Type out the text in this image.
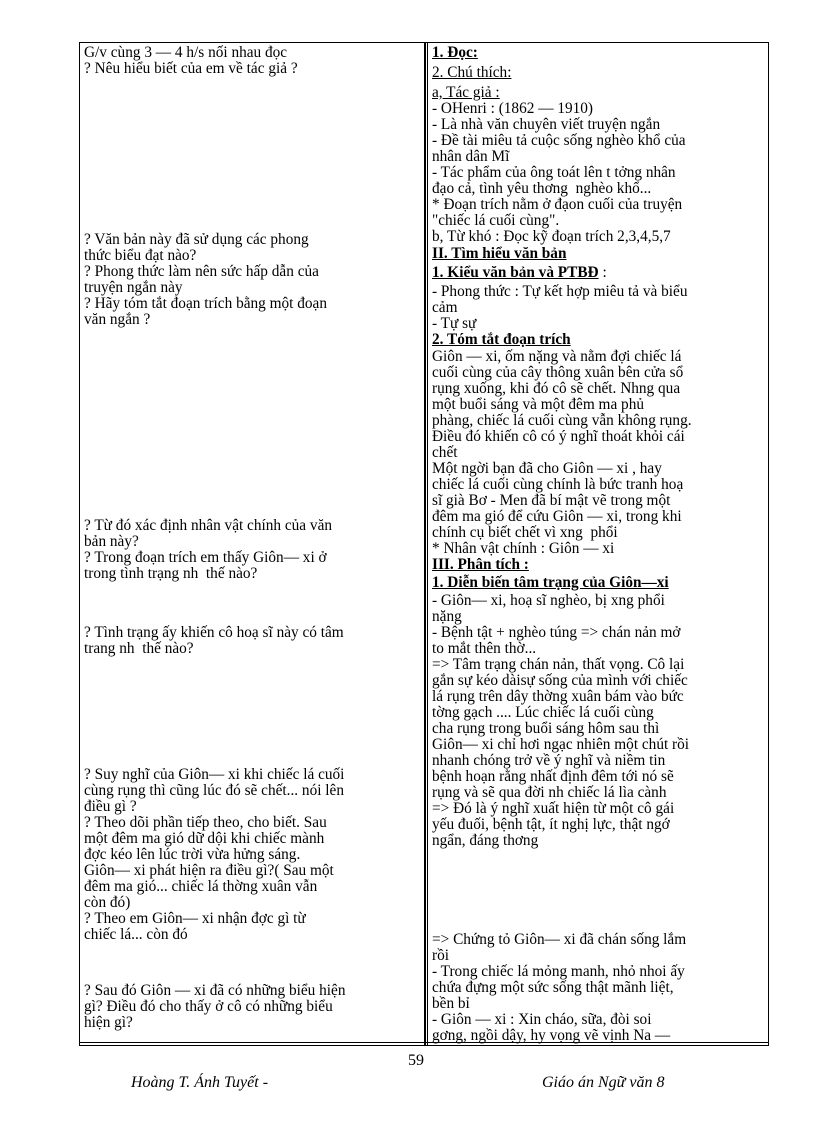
G/v cùng 3 — 4 h/s nối nhau đọc
? Nêu hiểu biết của em về tác giả ?
? Văn bản này đã sử dụng các phong
thức biểu đạt nào?
? Phong thức làm nên sức hấp dẫn của
truyện ngắn này
? Hãy tóm tắt đoạn trích bằng một đoạn
văn ngắn ?
? Từ đó xác định nhân vật chính của văn
bản này?
? Trong đoạn trích em thấy Giôn— xi ở
trong tình trạng nh  thế nào?
? Tình trạng ấy khiến cô hoạ sĩ này có tâm
trang nh  thế nào?
? Suy nghĩ của Giôn— xi khi chiếc lá cuối
cùng rụng thì cũng lúc đó sẽ chết... nói lên
điều gì ?
? Theo dõi phần tiếp theo, cho biết. Sau
một đêm ma gió dữ dội khi chiếc mành
đợc kéo lên lúc trời vừa hửng sáng.
Giôn— xi phát hiện ra điều gì?( Sau một
đêm ma gió... chiếc lá thờng xuân vẫn
còn đó)
? Theo em Giôn— xi nhận đợc gì từ
chiếc lá... còn đó
? Sau đó Giôn — xi đã có những biểu hiện
gì? Điều đó cho thấy ở cô có những biểu
hiện gì?
1. Đọc:
2. Chú thích:
a, Tác giả :
- OHenri : (1862 — 1910)
- Là nhà văn chuyên viết truyện ngắn
- Đề tài miêu tả cuộc sống nghèo khổ của
nhân dân Mĩ
- Tác phẩm của ông toát lên t tởng nhân
đạo cả, tình yêu thơng  nghèo khổ...
* Đoạn trích nằm ở đạon cuối của truyện
"chiếc lá cuối cùng".
b, Từ khó : Đọc kỹ đoạn trích 2,3,4,5,7
II. Tìm hiểu văn bản
1. Kiểu văn bản và PTBĐ :
- Phong thức : Tự kết hợp miêu tả và biểu
cảm
- Tự sự
2. Tóm tắt đoạn trích
Giôn — xi, ốm nặng và nằm đợi chiếc lá
cuối cùng của cây thông xuân bên cửa sổ
rụng xuống, khi đó cô sẽ chết. Nhng qua
một buổi sáng và một đêm ma phủ
phàng, chiếc lá cuối cùng vẫn không rụng.
Điều đó khiến cô có ý nghĩ thoát khỏi cái
chết
Một ngời bạn đã cho Giôn — xi , hay
chiếc lá cuối cùng chính là bức tranh hoạ
sĩ già Bơ - Men đã bí mật vẽ trong một
đêm ma gió để cứu Giôn — xi, trong khi
chính cụ biết chết vì xng  phổi
* Nhân vật chính : Giôn — xi
III. Phân tích :
1. Diễn biến tâm trạng của Giôn—xi
- Giôn— xi, hoạ sĩ nghèo, bị xng phổi
nặng
- Bệnh tật + nghèo túng => chán nản mở
to mắt thên thờ...
=> Tâm trạng chán nản, thất vọng. Cô lại
gắn sự kéo dàisự sống của mình với chiếc
lá rụng trên dây thờng xuân bám vào bức
tờng gạch .... Lúc chiếc lá cuối cùng
cha rụng trong buổi sáng hôm sau thì
Giôn— xi chỉ hơi ngạc nhiên một chút rồi
nhanh chóng trở về ý nghĩ và niềm tin
bệnh hoạn rằng nhất định đêm tới nó sẽ
rụng và sẽ qua đời nh chiếc lá lìa cành
=> Đó là ý nghĩ xuất hiện từ một cô gái
yếu đuối, bệnh tật, ít nghị lực, thật ngớ
ngẩn, đáng thơng
=> Chứng tỏ Giôn— xi đã chán sống lắm
rồi
- Trong chiếc lá mỏng manh, nhỏ nhoi ấy
chứa đựng một sức sống thật mãnh liệt,
bền bỉ
- Giôn — xi : Xin cháo, sữa, đòi soi
gơng, ngồi dậy, hy vọng vẽ vịnh Na —
59
Hoàng T. Ánh Tuyết -	Giáo án Ngữ văn 8
